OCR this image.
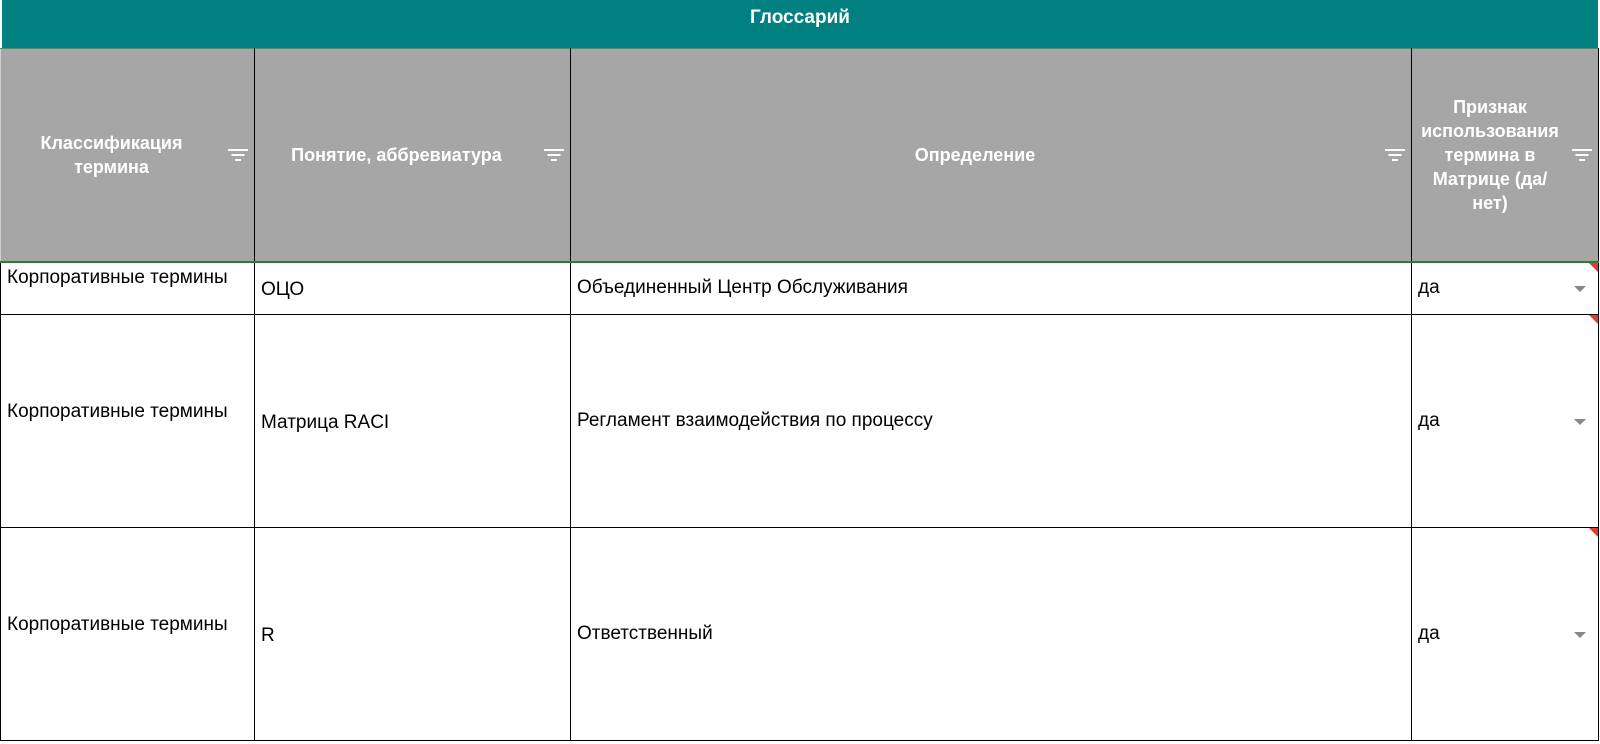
Глоссарий
Классификация термина	Понятие, аббревиатура	Определение	Признак использования термина в Матрице (да/нет)

Корпоративные термины	ОЦО	Объединенный Центр Обслуживания	да

Корпоративные термины	Матрица RACI	Регламент взаимодействия по процессу	да

Корпоративные термины	R	Ответственный	да
